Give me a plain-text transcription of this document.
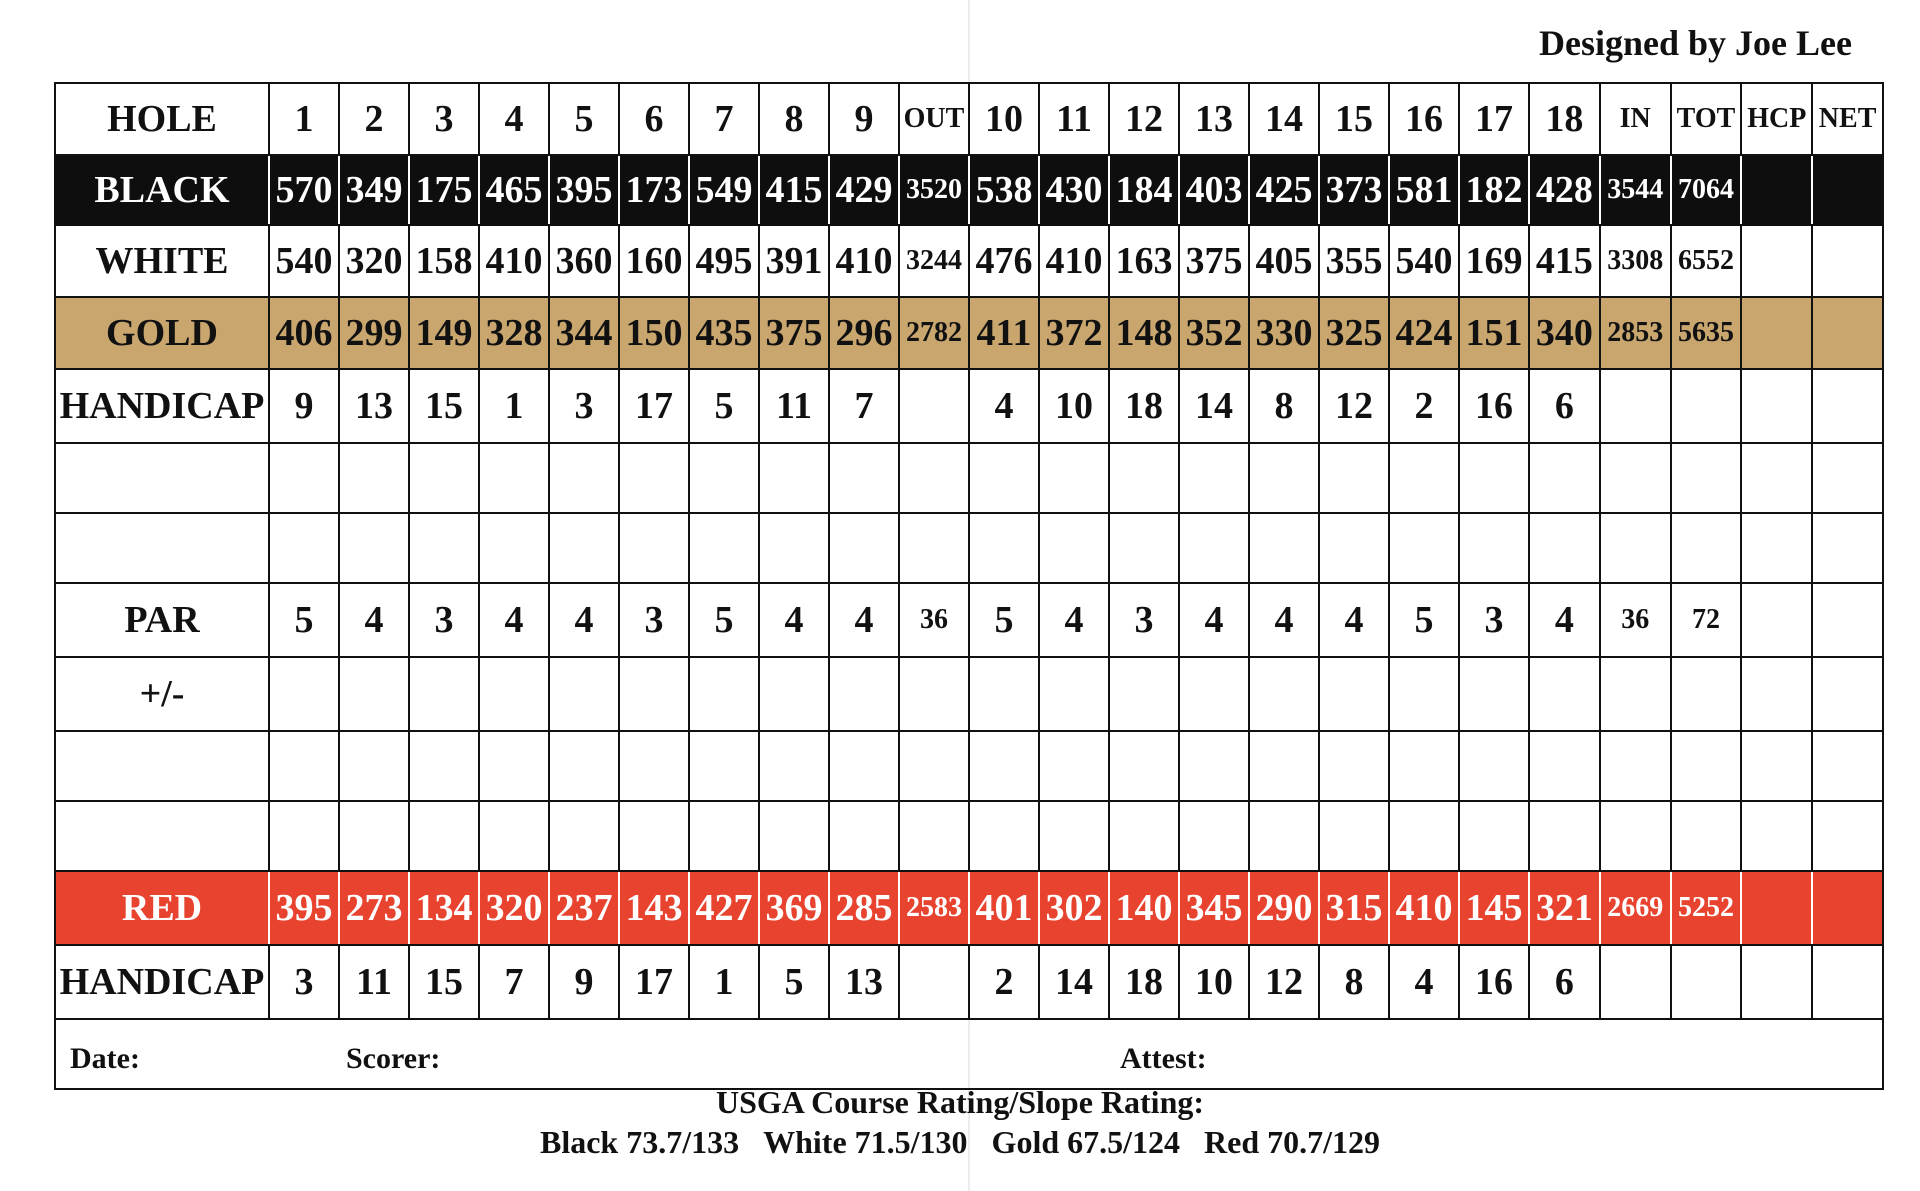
Designed by Joe Lee
HOLE	1	2	3	4	5	6	7	8	9	OUT	10	11	12	13	14	15	16	17	18	IN	TOT	HCP	NET
BLACK	570	349	175	465	395	173	549	415	429	3520	538	430	184	403	425	373	581	182	428	3544	7064		
WHITE	540	320	158	410	360	160	495	391	410	3244	476	410	163	375	405	355	540	169	415	3308	6552		
GOLD	406	299	149	328	344	150	435	375	296	2782	411	372	148	352	330	325	424	151	340	2853	5635		
HANDICAP	9	13	15	1	3	17	5	11	7		4	10	18	14	8	12	2	16	6				

PAR	5	4	3	4	4	3	5	4	4	36	5	4	3	4	4	4	5	3	4	36	72		
+/-																							

RED	395	273	134	320	237	143	427	369	285	2583	401	302	140	345	290	315	410	145	321	2669	5252		
HANDICAP	3	11	15	7	9	17	1	5	13		2	14	18	10	12	8	4	16	6				

Date: Scorer: Attest:																							
USGA Course Rating/Slope Rating:
Black 73.7/133 White 71.5/130 Gold 67.5/124 Red 70.7/129
